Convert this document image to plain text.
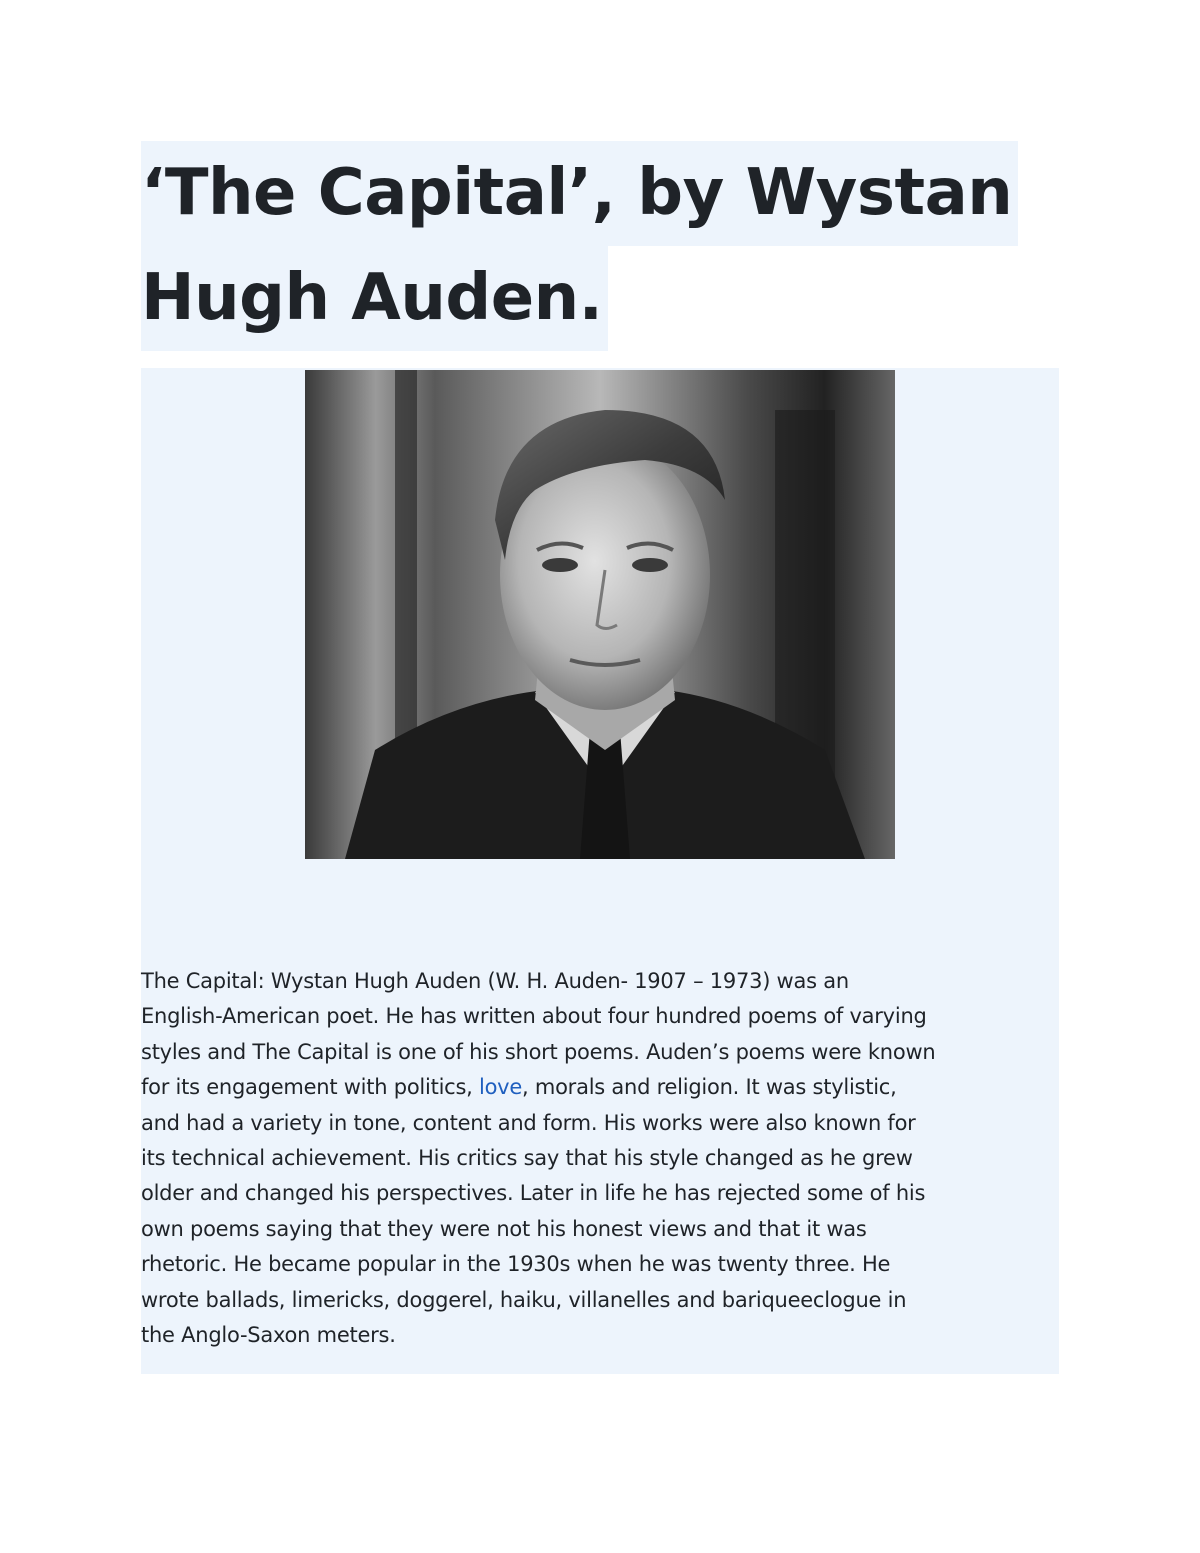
‘The Capital’, by Wystan
Hugh Auden.
The Capital: Wystan Hugh Auden (W. H. Auden- 1907 – 1973) was an
English-American poet. He has written about four hundred poems of varying
styles and The Capital is one of his short poems. Auden’s poems were known
for its engagement with politics, love, morals and religion. It was stylistic,
and had a variety in tone, content and form. His works were also known for
its technical achievement. His critics say that his style changed as he grew
older and changed his perspectives. Later in life he has rejected some of his
own poems saying that they were not his honest views and that it was
rhetoric. He became popular in the 1930s when he was twenty three. He
wrote ballads, limericks, doggerel, haiku, villanelles and bariqueeclogue in
the Anglo-Saxon meters.
